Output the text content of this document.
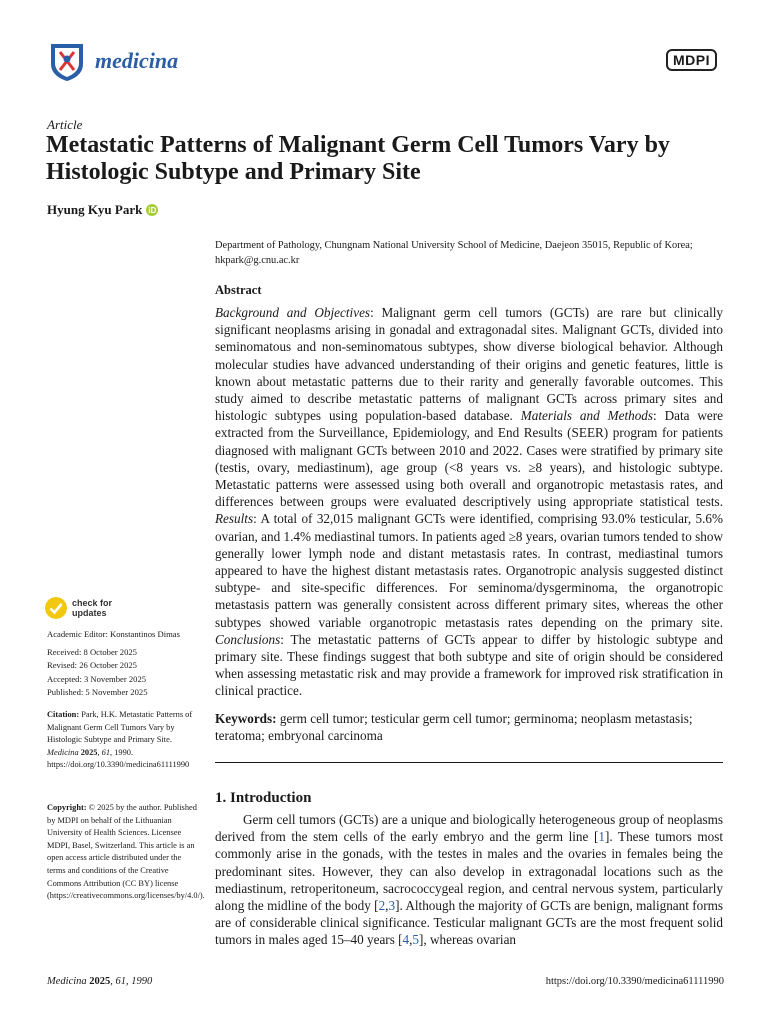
medicina	MDPI
Article
Metastatic Patterns of Malignant Germ Cell Tumors Vary by Histologic Subtype and Primary Site
Hyung Kyu Park iD
Department of Pathology, Chungnam National University School of Medicine, Daejeon 35015, Republic of Korea; hkpark@g.cnu.ac.kr
Abstract
Background and Objectives: Malignant germ cell tumors (GCTs) are rare but clinically significant neoplasms arising in gonadal and extragonadal sites. Malignant GCTs, divided into seminomatous and non-seminomatous subtypes, show diverse biological behavior. Although molecular studies have advanced understanding of their origins and genetic features, little is known about metastatic patterns due to their rarity and generally favorable outcomes. This study aimed to describe metastatic patterns of malignant GCTs across primary sites and histologic subtypes using population-based database. Materials and Methods: Data were extracted from the Surveillance, Epidemiology, and End Results (SEER) program for patients diagnosed with malignant GCTs between 2010 and 2022. Cases were stratified by primary site (testis, ovary, mediastinum), age group (<8 years vs. ≥8 years), and histologic subtype. Metastatic patterns were assessed using both overall and organotropic metastasis rates, and differences between groups were evaluated descriptively using appropriate statistical tests. Results: A total of 32,015 malignant GCTs were identified, comprising 93.0% testicular, 5.6% ovarian, and 1.4% mediastinal tumors. In patients aged ≥8 years, ovarian tumors tended to show generally lower lymph node and distant metastasis rates. In contrast, mediastinal tumors appeared to have the highest distant metastasis rates. Organotropic analysis suggested distinct subtype- and site-specific differences. For seminoma/dysgerminoma, the organotropic metastasis pattern was generally consistent across different primary sites, whereas the other subtypes showed variable organotropic metastasis rates depending on the primary site. Conclusions: The metastatic patterns of GCTs appear to differ by histologic subtype and primary site. These findings suggest that both subtype and site of origin should be considered when assessing metastatic risk and may provide a framework for improved risk stratification in clinical practice.
Keywords: germ cell tumor; testicular germ cell tumor; germinoma; neoplasm metastasis; teratoma; embryonal carcinoma
1. Introduction
Germ cell tumors (GCTs) are a unique and biologically heterogeneous group of neoplasms derived from the stem cells of the early embryo and the germ line [1]. These tumors most commonly arise in the gonads, with the testes in males and the ovaries in females being the predominant sites. However, they can also develop in extragonadal locations such as the mediastinum, retroperitoneum, sacrococcygeal region, and central nervous system, particularly along the midline of the body [2,3]. Although the majority of GCTs are benign, malignant forms are of considerable clinical significance. Testicular malignant GCTs are the most frequent solid tumors in males aged 15–40 years [4,5], whereas ovarian
check for
updates
Academic Editor: Konstantinos Dimas
Received: 8 October 2025
Revised: 26 October 2025
Accepted: 3 November 2025
Published: 5 November 2025
Citation: Park, H.K. Metastatic Patterns of Malignant Germ Cell Tumors Vary by Histologic Subtype and Primary Site. Medicina 2025, 61, 1990. https://doi.org/10.3390/medicina61111990
Copyright: © 2025 by the author. Published by MDPI on behalf of the Lithuanian University of Health Sciences. Licensee MDPI, Basel, Switzerland. This article is an open access article distributed under the terms and conditions of the Creative Commons Attribution (CC BY) license (https://creativecommons.org/licenses/by/4.0/).
Medicina 2025, 61, 1990	https://doi.org/10.3390/medicina61111990
